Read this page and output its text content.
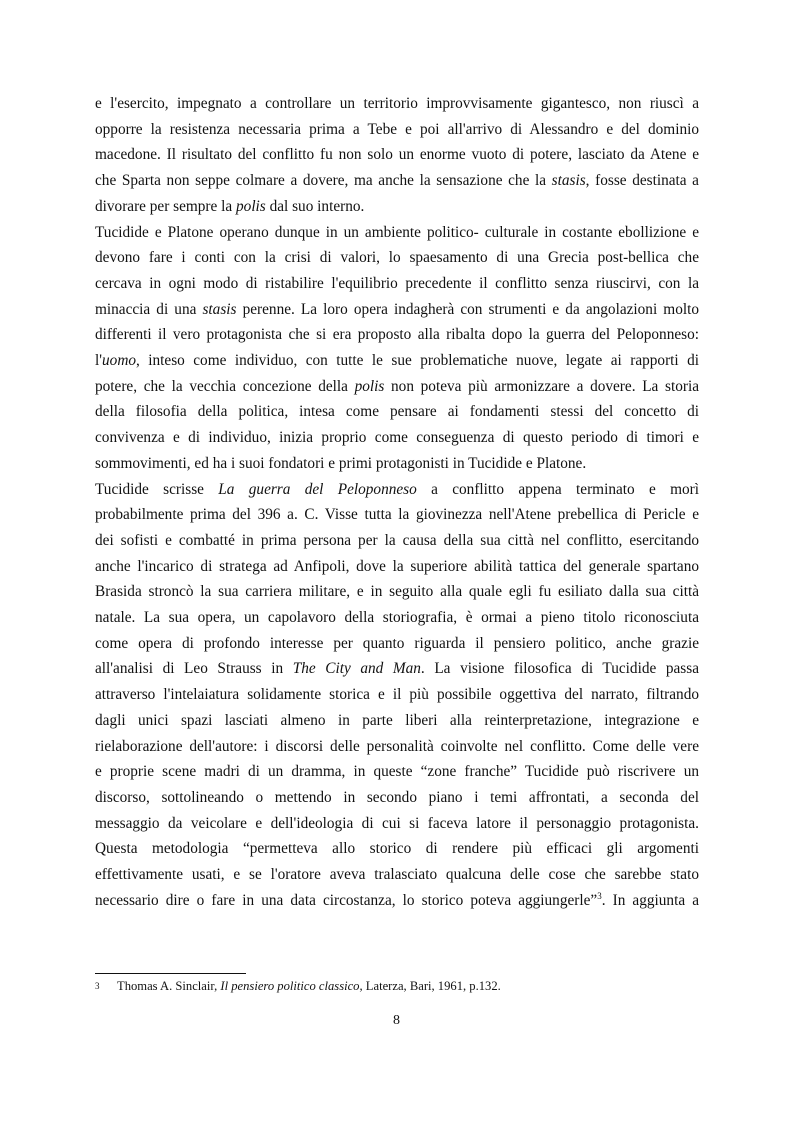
e l'esercito, impegnato a controllare un territorio improvvisamente gigantesco, non riuscì a
opporre la resistenza necessaria prima a Tebe e poi all'arrivo di Alessandro e del dominio
macedone. Il risultato del conflitto fu non solo un enorme vuoto di potere, lasciato da Atene e
che Sparta non seppe colmare a dovere, ma anche la sensazione che la stasis, fosse destinata a
divorare per sempre la polis dal suo interno.
Tucidide e Platone operano dunque in un ambiente politico- culturale in costante ebollizione e
devono fare i conti con la crisi di valori, lo spaesamento di una Grecia post-bellica che
cercava in ogni modo di ristabilire l'equilibrio precedente il conflitto senza riuscirvi, con la
minaccia di una stasis perenne. La loro opera indagherà con strumenti e da angolazioni molto
differenti il vero protagonista che si era proposto alla ribalta dopo la guerra del Peloponneso:
l'uomo, inteso come individuo, con tutte le sue problematiche nuove, legate ai rapporti di
potere, che la vecchia concezione della polis non poteva più armonizzare a dovere. La storia
della filosofia della politica, intesa come pensare ai fondamenti stessi del concetto di
convivenza e di individuo, inizia proprio come conseguenza di questo periodo di timori e
sommovimenti, ed ha i suoi fondatori e primi protagonisti in Tucidide e Platone.
Tucidide scrisse La guerra del Peloponneso a conflitto appena terminato e morì
probabilmente prima del 396 a. C. Visse tutta la giovinezza nell'Atene prebellica di Pericle e
dei sofisti e combatté in prima persona per la causa della sua città nel conflitto, esercitando
anche l'incarico di stratega ad Anfipoli, dove la superiore abilità tattica del generale spartano
Brasida stroncò la sua carriera militare, e in seguito alla quale egli fu esiliato dalla sua città
natale. La sua opera, un capolavoro della storiografia, è ormai a pieno titolo riconosciuta
come opera di profondo interesse per quanto riguarda il pensiero politico, anche grazie
all'analisi di Leo Strauss in The City and Man. La visione filosofica di Tucidide passa
attraverso l'intelaiatura solidamente storica e il più possibile oggettiva del narrato, filtrando
dagli unici spazi lasciati almeno in parte liberi alla reinterpretazione, integrazione e
rielaborazione dell'autore: i discorsi delle personalità coinvolte nel conflitto. Come delle vere
e proprie scene madri di un dramma, in queste “zone franche” Tucidide può riscrivere un
discorso, sottolineando o mettendo in secondo piano i temi affrontati, a seconda del
messaggio da veicolare e dell'ideologia di cui si faceva latore il personaggio protagonista.
Questa metodologia “permetteva allo storico di rendere più efficaci gli argomenti
effettivamente usati, e se l'oratore aveva tralasciato qualcuna delle cose che sarebbe stato
necessario dire o fare in una data circostanza, lo storico poteva aggiungerle”$^3$. In aggiunta a
3 Thomas A. Sinclair, Il pensiero politico classico, Laterza, Bari, 1961, p.132.
8
